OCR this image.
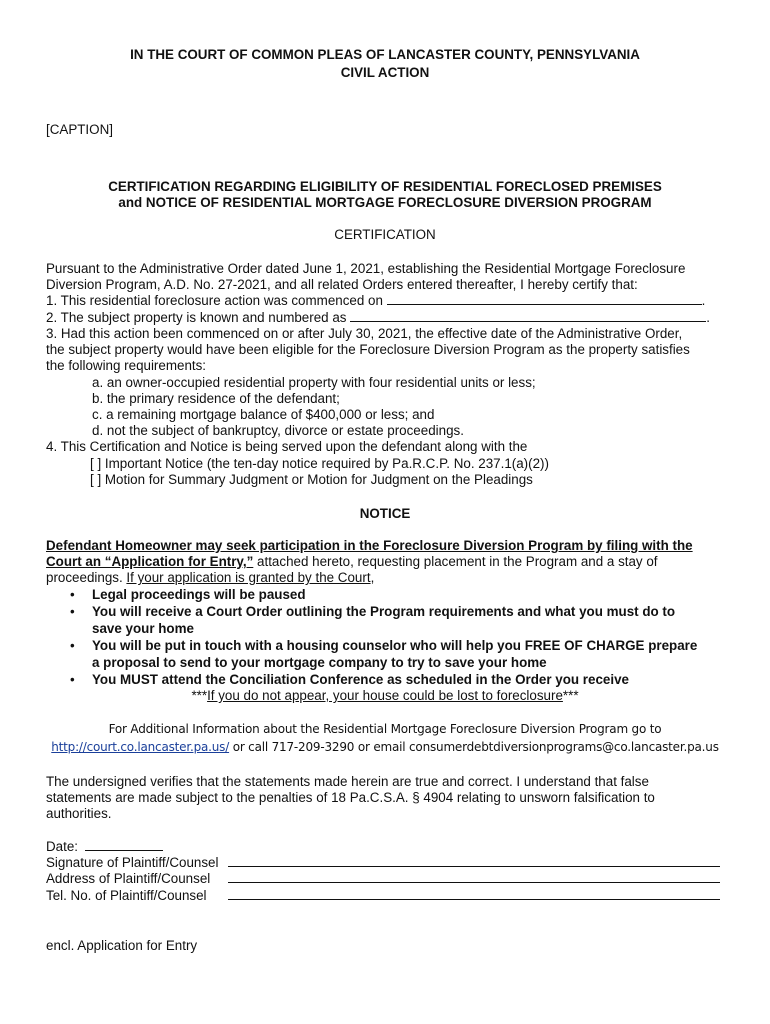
IN THE COURT OF COMMON PLEAS OF LANCASTER COUNTY, PENNSYLVANIA
CIVIL ACTION
[CAPTION]
CERTIFICATION REGARDING ELIGIBILITY OF RESIDENTIAL FORECLOSED PREMISES
and NOTICE OF RESIDENTIAL MORTGAGE FORECLOSURE DIVERSION PROGRAM
CERTIFICATION
Pursuant to the Administrative Order dated June 1, 2021, establishing the Residential Mortgage Foreclosure
Diversion Program, A.D. No. 27-2021, and all related Orders entered thereafter, I hereby certify that:
1. This residential foreclosure action was commenced on	.
2. The subject property is known and numbered as	.
3. Had this action been commenced on or after July 30, 2021, the effective date of the Administrative Order,
the subject property would have been eligible for the Foreclosure Diversion Program as the property satisfies
the following requirements:
a. an owner-occupied residential property with four residential units or less;
b. the primary residence of the defendant;
c. a remaining mortgage balance of $400,000 or less; and
d. not the subject of bankruptcy, divorce or estate proceedings.
4. This Certification and Notice is being served upon the defendant along with the
[ ] Important Notice (the ten-day notice required by Pa.R.C.P. No. 237.1(a)(2))
[ ] Motion for Summary Judgment or Motion for Judgment on the Pleadings
NOTICE
Defendant Homeowner may seek participation in the Foreclosure Diversion Program by filing with the
Court an “Application for Entry,” attached hereto, requesting placement in the Program and a stay of
proceedings. If your application is granted by the Court,
• Legal proceedings will be paused
• You will receive a Court Order outlining the Program requirements and what you must do to
save your home
• You will be put in touch with a housing counselor who will help you FREE OF CHARGE prepare
a proposal to send to your mortgage company to try to save your home
• You MUST attend the Conciliation Conference as scheduled in the Order you receive
***If you do not appear, your house could be lost to foreclosure***
For Additional Information about the Residential Mortgage Foreclosure Diversion Program go to
http://court.co.lancaster.pa.us/ or call 717-209-3290 or email consumerdebtdiversionprograms@co.lancaster.pa.us
The undersigned verifies that the statements made herein are true and correct. I understand that false
statements are made subject to the penalties of 18 Pa.C.S.A. § 4904 relating to unsworn falsification to
authorities.
Date:
Signature of Plaintiff/Counsel
Address of Plaintiff/Counsel
Tel. No. of Plaintiff/Counsel
encl. Application for Entry
